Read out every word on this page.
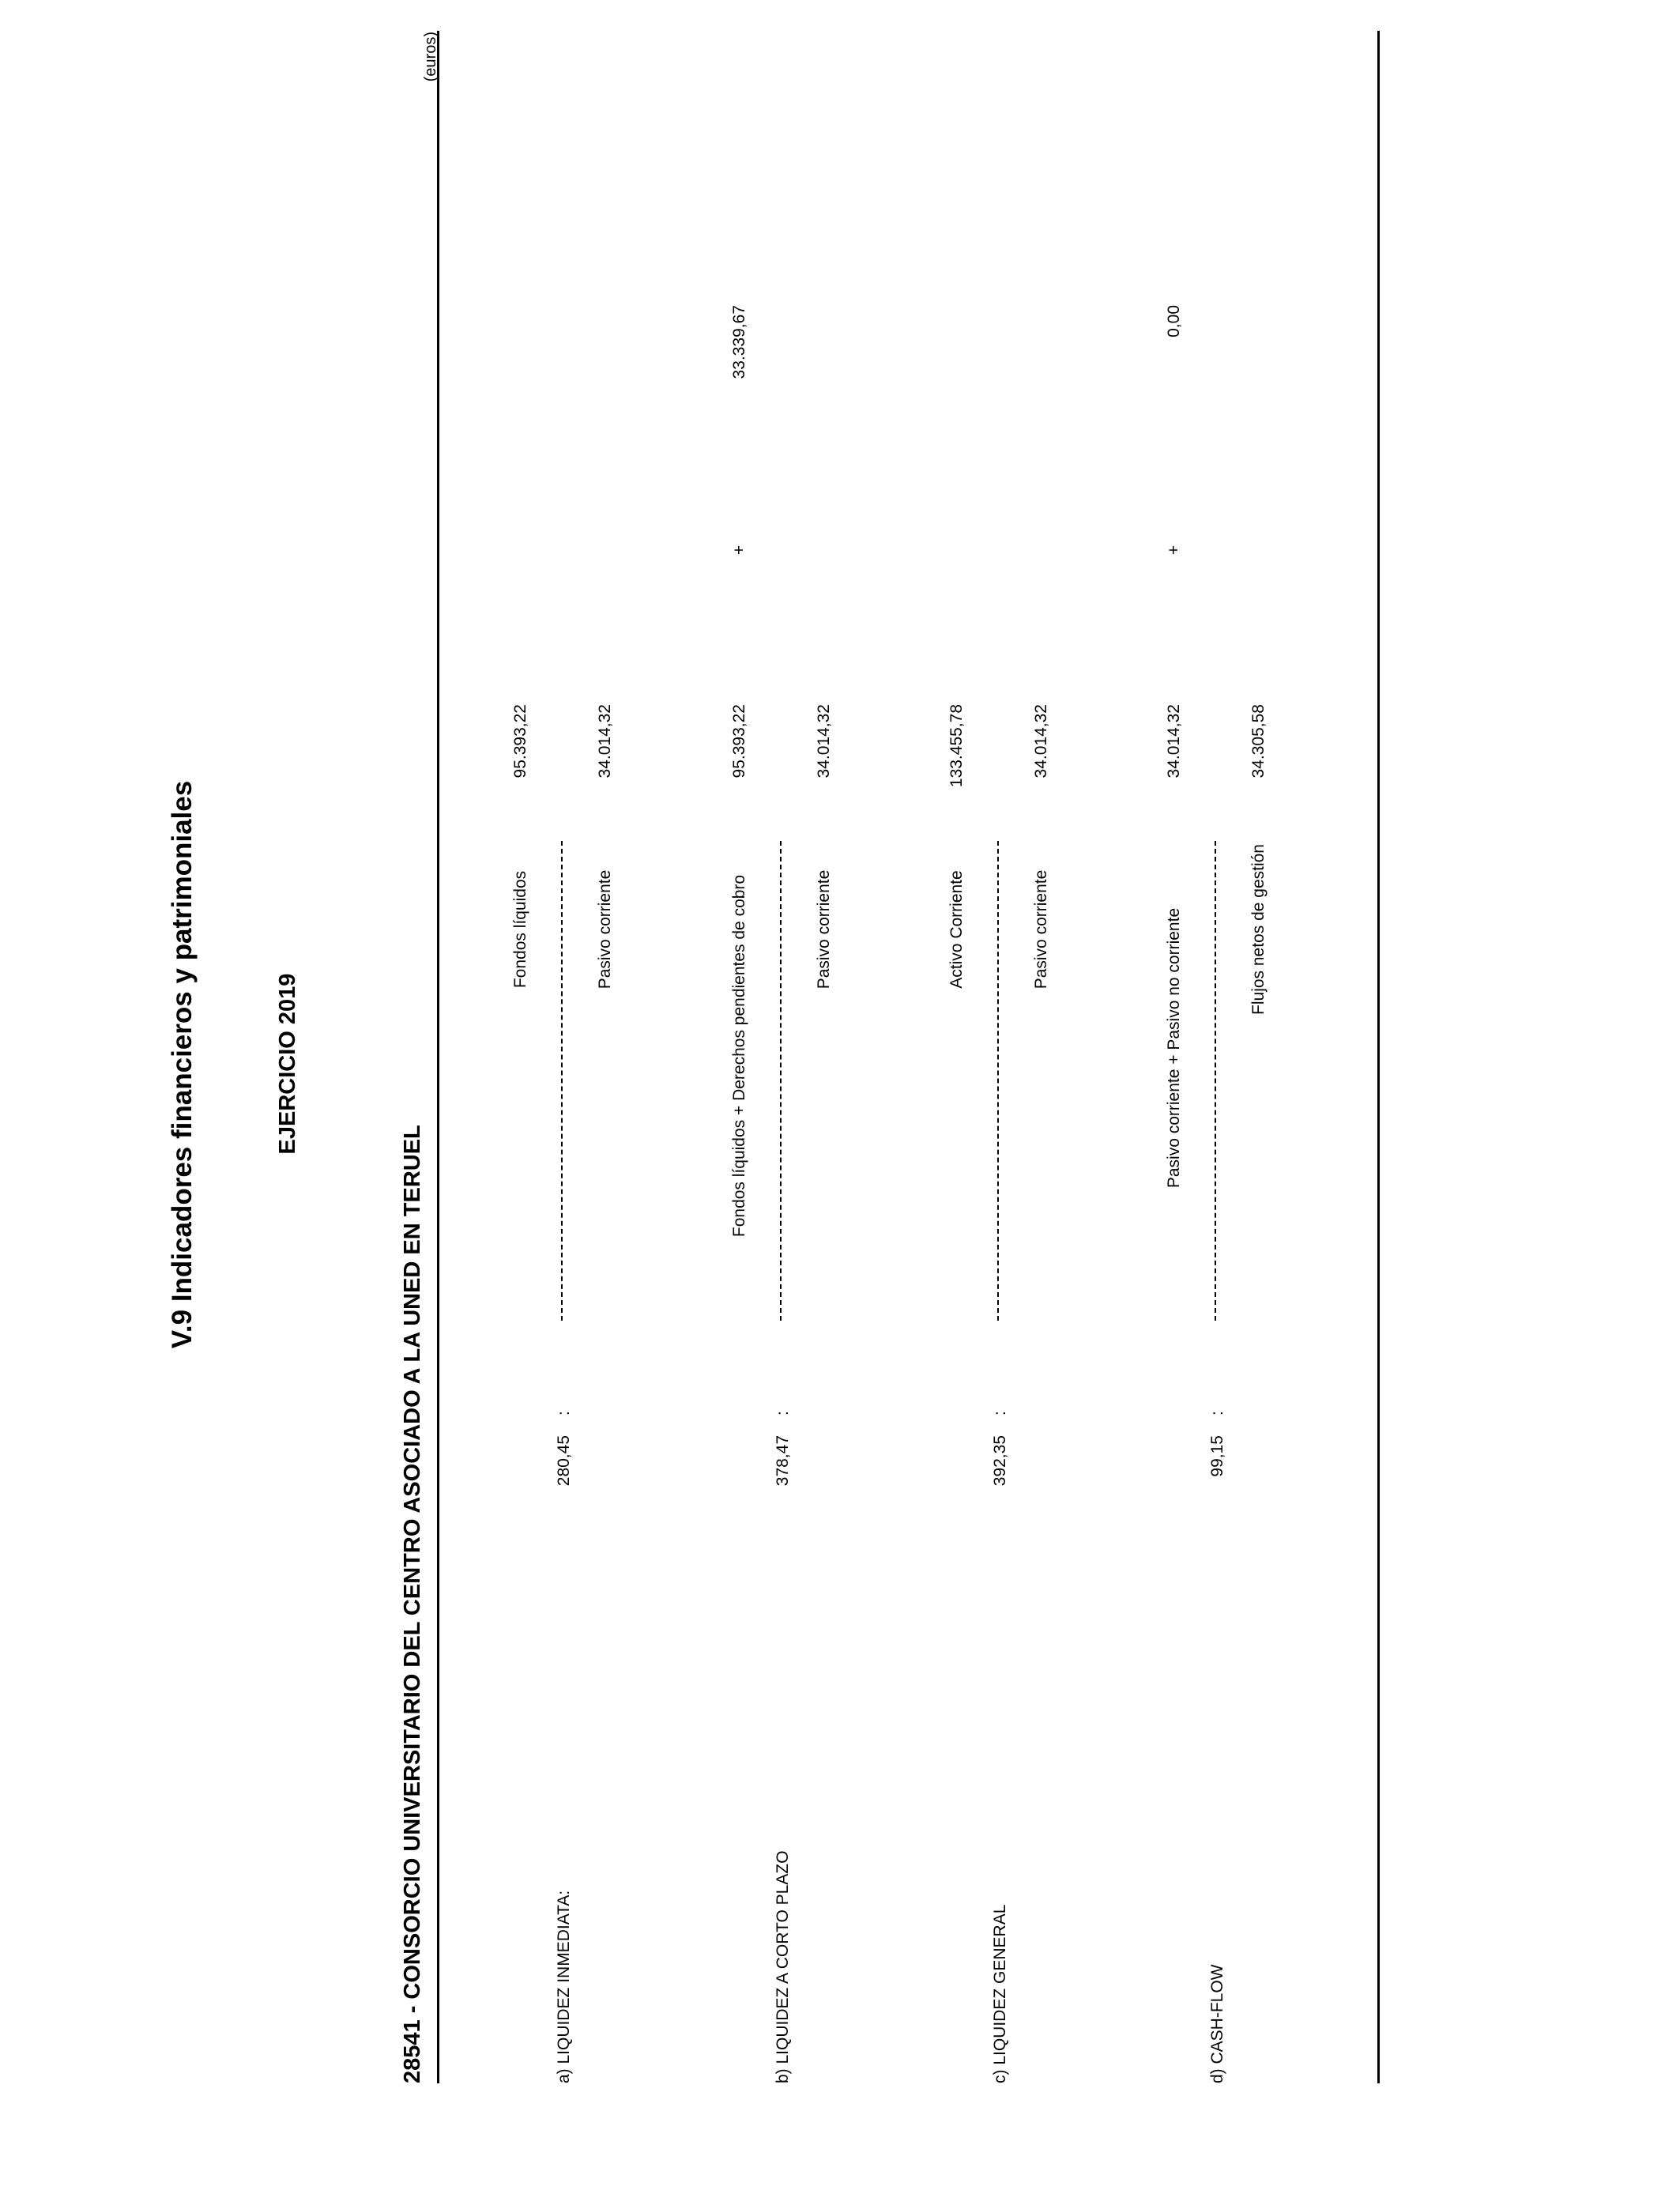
V.9 Indicadores financieros y patrimoniales	EJERCICIO 2019
28541 - CONSORCIO UNIVERSITARIO DEL CENTRO ASOCIADO A LA UNED EN TERUEL
(euros)
a) LIQUIDEZ INMEDIATA:
280,45
:
Fondos líquidos
95.393,22
Pasivo corriente
34.014,32
b) LIQUIDEZ A CORTO PLAZO
378,47
:
Fondos líquidos + Derechos pendientes de cobro
95.393,22
+
33.339,67
Pasivo corriente
34.014,32
c) LIQUIDEZ GENERAL
392,35
:
Activo Corriente
133.455,78
Pasivo corriente
34.014,32
d) CASH-FLOW
99,15
:
Pasivo corriente + Pasivo no corriente
34.014,32
+
0,00
Flujos netos de gestión
34.305,58
